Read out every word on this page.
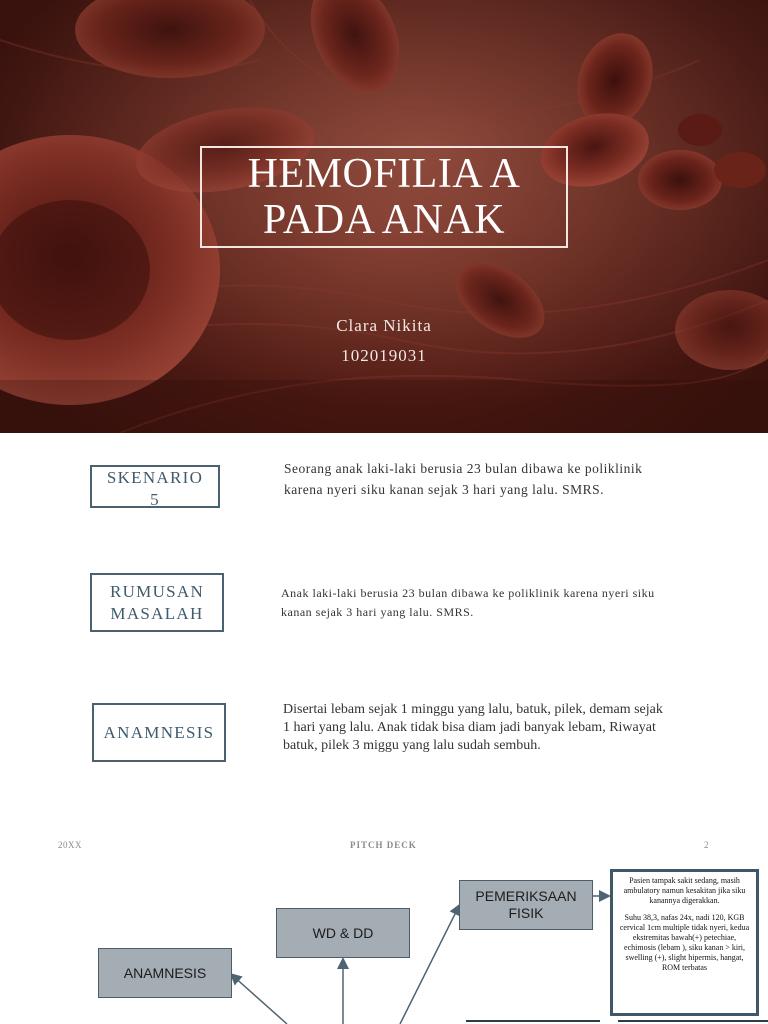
HEMOFILIA A
PADA ANAK
Clara Nikita
102019031
SKENARIO
5
Seorang anak laki-laki berusia 23 bulan dibawa ke poliklinik karena nyeri siku kanan sejak 3 hari yang lalu. SMRS.
RUMUSAN
MASALAH
Anak laki-laki berusia 23 bulan dibawa ke poliklinik karena nyeri siku kanan sejak 3 hari yang lalu. SMRS.
ANAMNESIS
Disertai lebam sejak 1 minggu yang lalu, batuk, pilek, demam sejak 1 hari yang lalu. Anak tidak bisa diam jadi banyak lebam, Riwayat batuk, pilek 3 miggu yang lalu sudah sembuh.
20XX	PITCH DECK	2
ANAMNESIS
WD & DD
PEMERIKSAAN
FISIK

Pasien tampak sakit sedang, masih ambulatory namun kesakitan jika siku kanannya digerakkan.

Suhu 38,3, nafas 24x, nadi 120, KGB cervical 1cm multiple tidak nyeri, kedua ekstremitas bawah(+) petechiae, echimosis (lebam ), siku kanan > kiri, swelling (+), slight hipermis, hangat, ROM terbatas
